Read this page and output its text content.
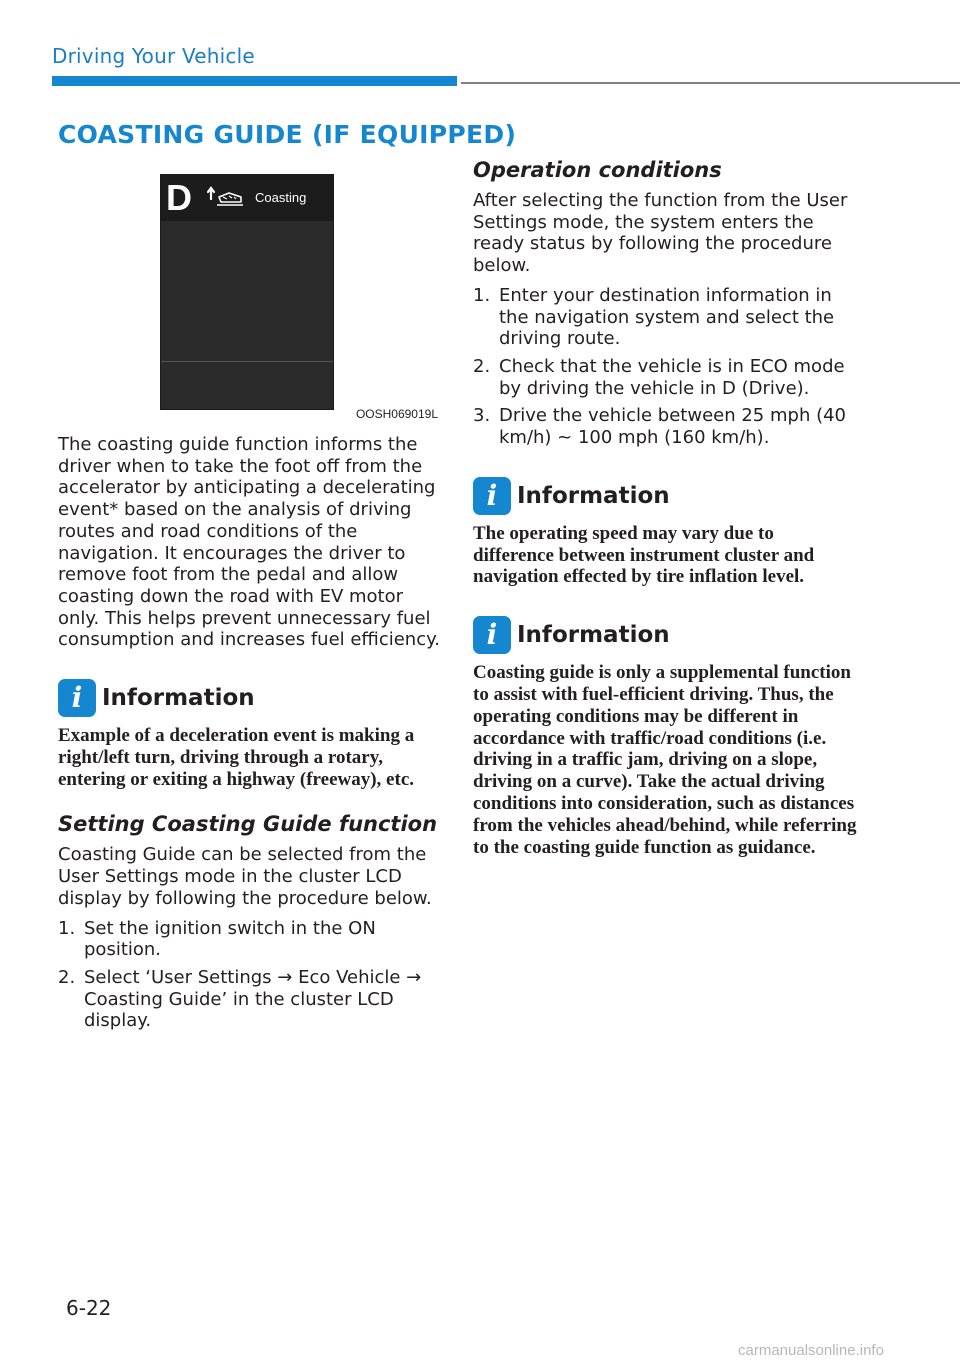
Driving Your Vehicle
COASTING GUIDE (IF EQUIPPED)
D	Coasting
OOSH069019L

The coasting guide function informs the driver when to take the foot off from the accelerator by anticipating a decelerating event* based on the analysis of driving routes and road conditions of the navigation. It encourages the driver to remove foot from the pedal and allow coasting down the road with EV motor only. This helps prevent unnecessary fuel consumption and increases fuel efficiency.

i Information

Example of a deceleration event is making a right/left turn, driving through a rotary, entering or exiting a highway (freeway), etc.

Setting Coasting Guide function

Coasting Guide can be selected from the User Settings mode in the cluster LCD display by following the procedure below.

1. Set the ignition switch in the ON position.
2. Select ‘User Settings → Eco Vehicle → Coasting Guide’ in the cluster LCD display.
Operation conditions

After selecting the function from the User Settings mode, the system enters the ready status by following the procedure below.

1. Enter your destination information in the navigation system and select the driving route.
2. Check that the vehicle is in ECO mode by driving the vehicle in D (Drive).
3. Drive the vehicle between 25 mph (40 km/h) ~ 100 mph (160 km/h).
i Information

The operating speed may vary due to difference between instrument cluster and navigation effected by tire inflation level.

i Information

Coasting guide is only a supplemental function to assist with fuel-efficient driving. Thus, the operating conditions may be different in accordance with traffic/road conditions (i.e. driving in a traffic jam, driving on a slope, driving on a curve). Take the actual driving conditions into consideration, such as distances from the vehicles ahead/behind, while referring to the coasting guide function as guidance.

6-22
carmanualsonline.info
